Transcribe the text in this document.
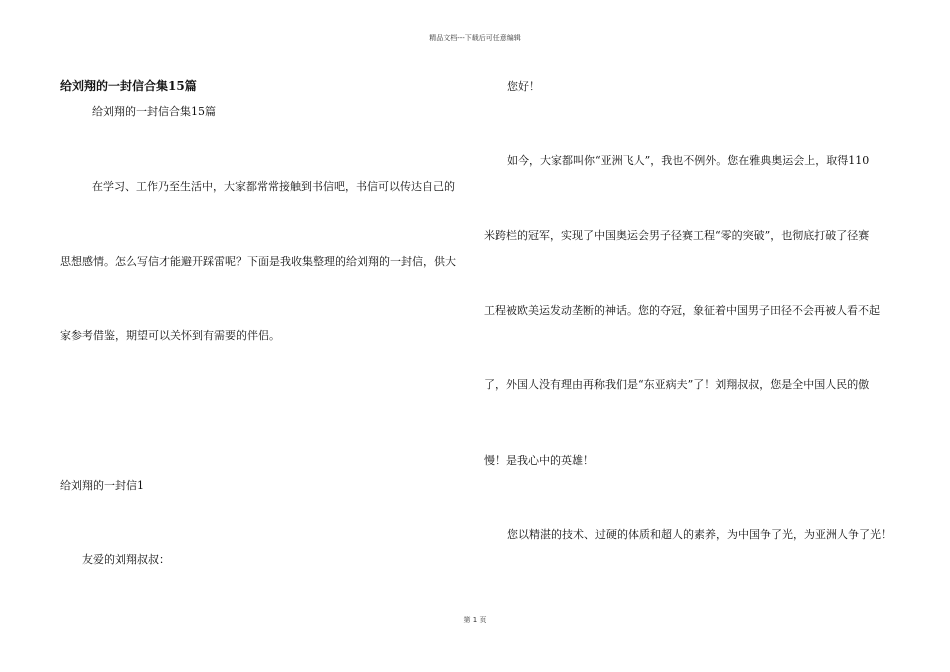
精品文档---下载后可任意编辑
给刘翔的一封信合集15篇
给刘翔的一封信合集15篇
在学习、工作乃至生活中，大家都常常接触到书信吧，书信可以传达自己的
思想感情。怎么写信才能避开踩雷呢？下面是我收集整理的给刘翔的一封信，供大
家参考借鉴，期望可以关怀到有需要的伴侣。
给刘翔的一封信1
友爱的刘翔叔叔：
您好！
如今，大家都叫你“亚洲飞人”，我也不例外。您在雅典奥运会上，取得110
米跨栏的冠军，实现了中国奥运会男子径赛工程“零的突破”，也彻底打破了径赛
工程被欧美运发动垄断的神话。您的夺冠，象征着中国男子田径不会再被人看不起
了，外国人没有理由再称我们是“东亚病夫”了！刘翔叔叔，您是全中国人民的傲
慢！是我心中的英雄！
您以精湛的技术、过硬的体质和超人的素养，为中国争了光，为亚洲人争了光！
第 1 页
